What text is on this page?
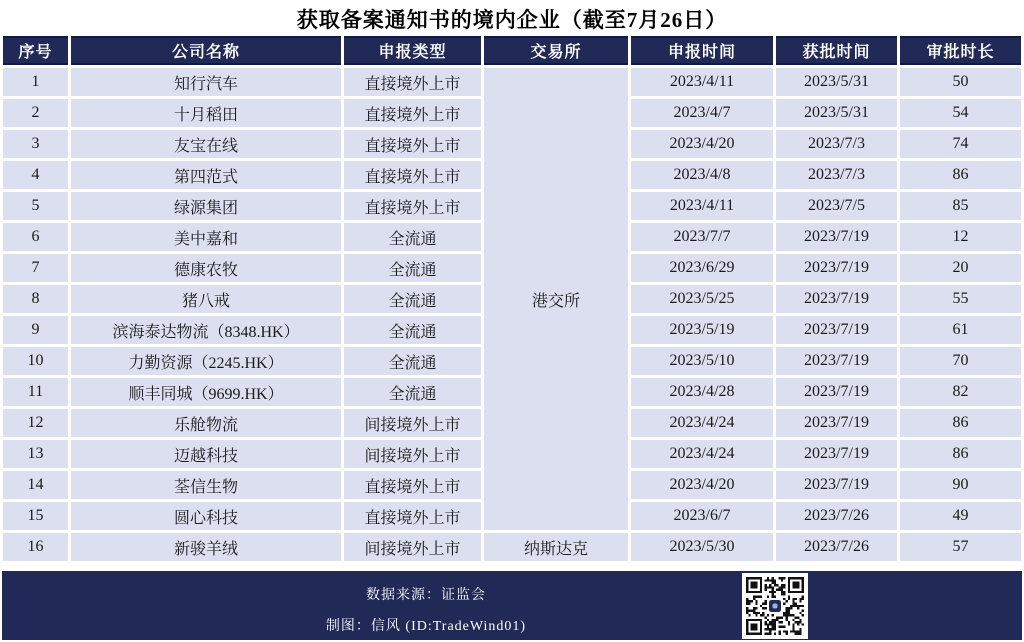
获取备案通知书的境内企业（截至7月26日）
序号	公司名称	申报类型	交易所	申报时间	获批时间	审批时长
1	知行汽车	直接境外上市	港交所	2023/4/11	2023/5/31	50
2	十月稻田	直接境外上市		2023/4/7	2023/5/31	54
3	友宝在线	直接境外上市		2023/4/20	2023/7/3	74
4	第四范式	直接境外上市		2023/4/8	2023/7/3	86
5	绿源集团	直接境外上市		2023/4/11	2023/7/5	85
6	美中嘉和	全流通		2023/7/7	2023/7/19	12
7	德康农牧	全流通		2023/6/29	2023/7/19	20
8	猪八戒	全流通		2023/5/25	2023/7/19	55
9	滨海泰达物流（8348.HK）	全流通		2023/5/19	2023/7/19	61
10	力勤资源（2245.HK）	全流通		2023/5/10	2023/7/19	70
11	顺丰同城（9699.HK）	全流通		2023/4/28	2023/7/19	82
12	乐舱物流	间接境外上市		2023/4/24	2023/7/19	86
13	迈越科技	间接境外上市		2023/4/24	2023/7/19	86
14	荃信生物	直接境外上市		2023/4/20	2023/7/19	90
15	圆心科技	直接境外上市		2023/6/7	2023/7/26	49
16	新骏羊绒	间接境外上市	纳斯达克	2023/5/30	2023/7/26	57
数据来源：证监会
制图：信风 (ID:TradeWind01)
